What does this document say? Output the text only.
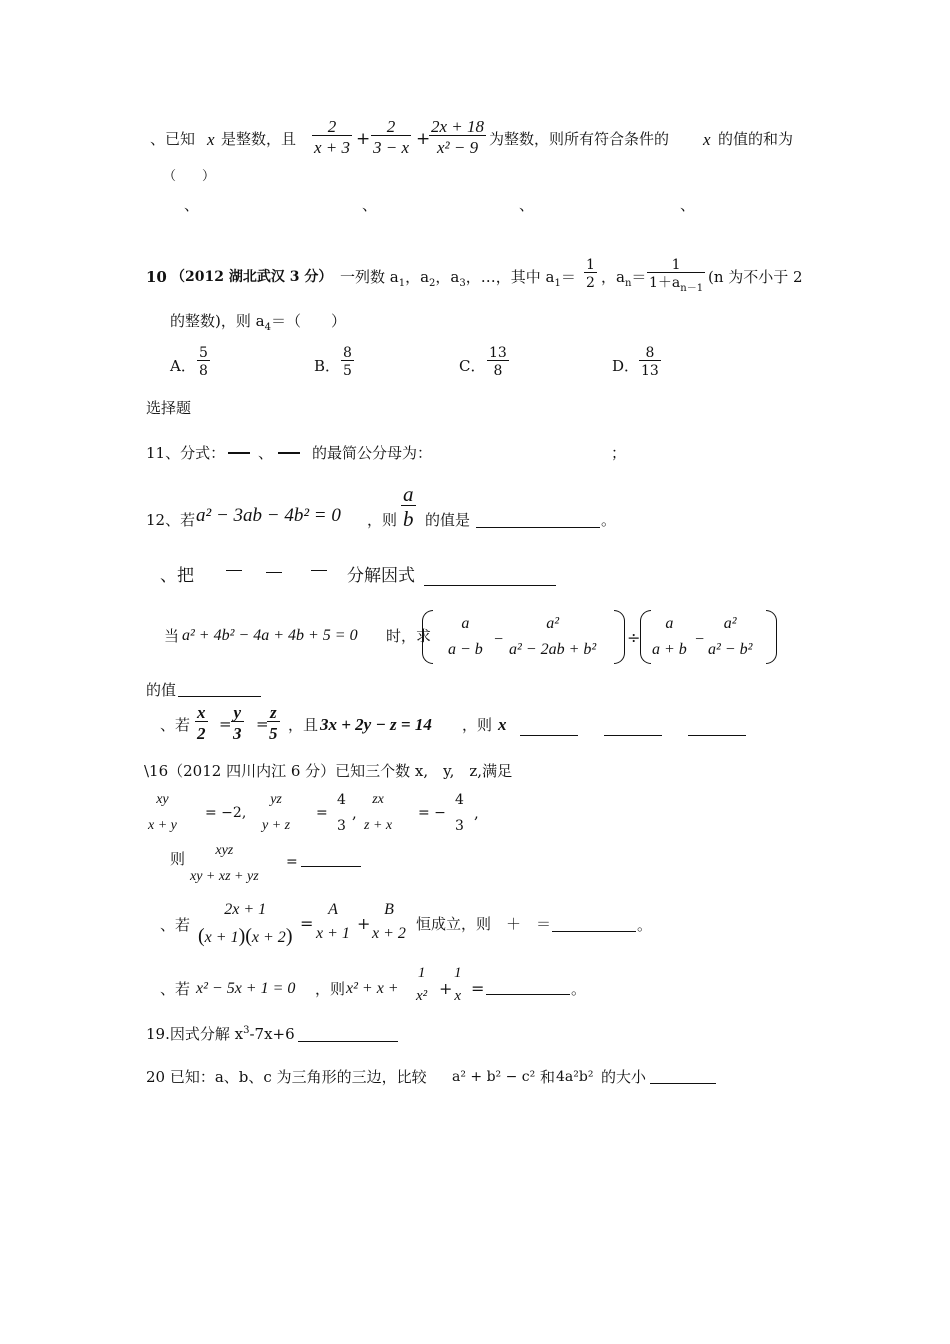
、已知 x 是整数，且 $\frac{2}{x + 3} + \frac{2}{3 - x}$ +
$\frac{2x + 18}{\text{x² − 9}}$ 为整数，则所有符合条件的 x 的值的和为
（　　）
、	、	、	、
10 （2012 湖北武汉 3 分） 一列数 $a_1$，$a_2$，$a_3$，…，其中 $a_1= \frac{1}{2}$ ，$a_n= \frac{1}{1+a_{n-1}} (n$ 为不小于 2
的整数)，则 $a_4=$（　　）
A． $\frac{5}{8}$	B． $\frac{8}{5}$	C． $\frac{13}{8}$	D． $\frac{8}{13}$
选择题
11、分式： 、	的最简公分母为：	；
12、若 a² − 3ab − 4b² = 0 ，则 $\frac{a}{b}$ 的值是	。
、把	分解因式
当 a² + 4b² − 4a + 4b + 5 = 0 时，求
a
a − b
−
a²
a² − 2ab + b²
÷
a
a + b
−
a²
a² − b²
的值
、若 $\frac{x}{2} = \frac{y}{3}$ =
$\frac{z}{5}$ ，且 3x + 2y − z = 14 ，则 x
\16（2012 四川内江 6 分）已知三个数 x,　y,　z,满足
xy
x + y
= −2,
yz
y + z
=
4
3
,
zx
z + x
= −
4
3
,
则	xyz
xy + xz + yz
=
、若
2x + 1
(x + 1)(x + 2)
=
A
x + 1
+
B
x + 2
恒成立，则　＋　＝	。
、若 x² − 5x + 1 = 0 ，则 x² + x +
1
x² +
1
x =	。
19.因式分解 $x^3-7x+6$
20 已知：a、b、c 为三角形的三边，比较 a² + b² − c² 和 4a²b² 的大小
